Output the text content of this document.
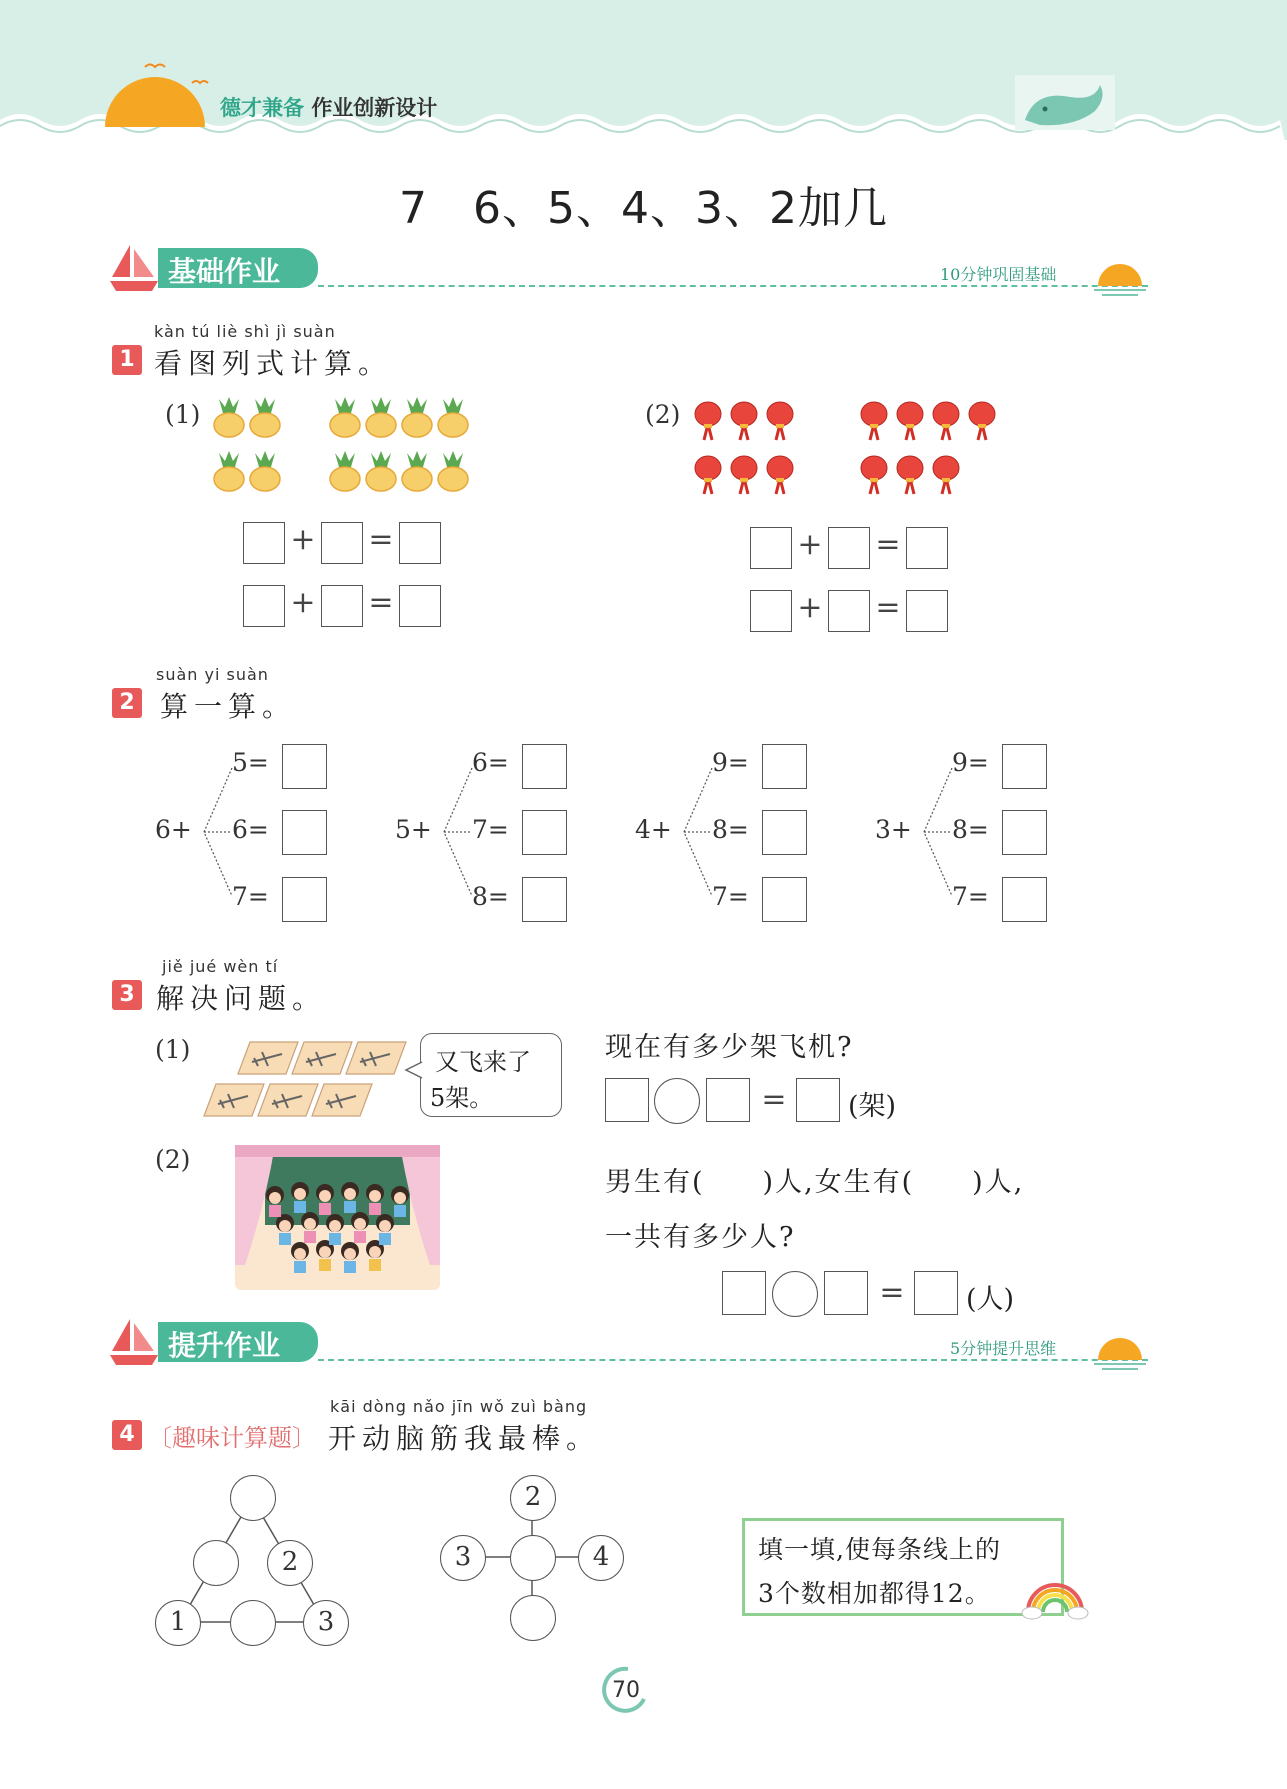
德才兼备 作业创新设计
7　6、5、4、3、2加几
基础作业	10分钟巩固基础
kàn tú liè shì jì suàn
1 看图列式计算。
(1)	(2)
+ =
+ =
+ =
+ =
suàn yi suàn
2 算一算。
6+
5=
6=
7=
5+
6=
7=
8=
4+
9=
8=
7=
3+
9=
8=
7=
jiě jué wèn tí
3 解决问题。
(1)	又飞来了
5架。
现在有多少架飞机?
= (架)
(2)
男生有(　　)人,女生有(　　)人,
一共有多少人?
= (人)
提升作业	5分钟提升思维
kāi dòng nǎo jīn wǒ zuì bàng
4 〔趣味计算题〕 开动脑筋我最棒。
2
1	3
2
3	4	填一填,使每条线上的
3个数相加都得12。
70
